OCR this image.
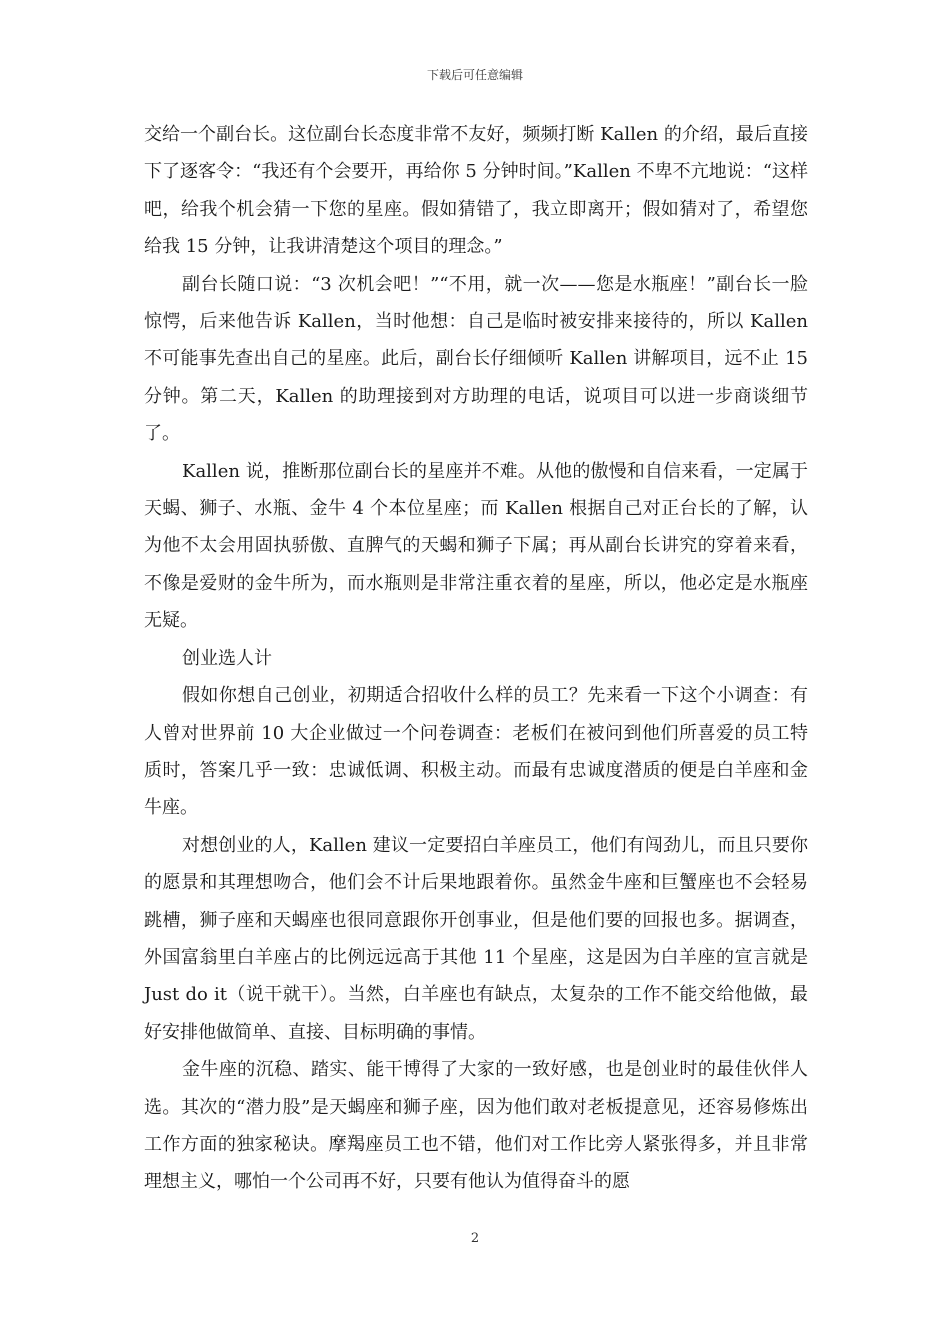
下载后可任意编辑

交给一个副台长。这位副台长态度非常不友好，频频打断 Kallen 的介绍，最后直接下了逐客令：“我还有个会要开，再给你 5 分钟时间。”Kallen 不卑不亢地说：“这样吧，给我个机会猜一下您的星座。假如猜错了，我立即离开；假如猜对了，希望您给我 15 分钟，让我讲清楚这个项目的理念。”

副台长随口说：“3 次机会吧！”“不用，就一次——您是水瓶座！”副台长一脸惊愕，后来他告诉 Kallen，当时他想：自己是临时被安排来接待的，所以 Kallen 不可能事先查出自己的星座。此后，副台长仔细倾听 Kallen 讲解项目，远不止 15 分钟。第二天，Kallen 的助理接到对方助理的电话，说项目可以进一步商谈细节了。

Kallen 说，推断那位副台长的星座并不难。从他的傲慢和自信来看，一定属于天蝎、狮子、水瓶、金牛 4 个本位星座；而 Kallen 根据自己对正台长的了解，认为他不太会用固执骄傲、直脾气的天蝎和狮子下属；再从副台长讲究的穿着来看，不像是爱财的金牛所为，而水瓶则是非常注重衣着的星座，所以，他必定是水瓶座无疑。

创业选人计

假如你想自己创业，初期适合招收什么样的员工？先来看一下这个小调查：有人曾对世界前 10 大企业做过一个问卷调查：老板们在被问到他们所喜爱的员工特质时，答案几乎一致：忠诚低调、积极主动。而最有忠诚度潜质的便是白羊座和金牛座。

对想创业的人，Kallen 建议一定要招白羊座员工，他们有闯劲儿，而且只要你的愿景和其理想吻合，他们会不计后果地跟着你。虽然金牛座和巨蟹座也不会轻易跳槽，狮子座和天蝎座也很同意跟你开创事业，但是他们要的回报也多。据调查，外国富翁里白羊座占的比例远远高于其他 11 个星座，这是因为白羊座的宣言就是 Just do it（说干就干）。当然，白羊座也有缺点，太复杂的工作不能交给他做，最好安排他做简单、直接、目标明确的事情。

金牛座的沉稳、踏实、能干博得了大家的一致好感，也是创业时的最佳伙伴人选。其次的“潜力股”是天蝎座和狮子座，因为他们敢对老板提意见，还容易修炼出工作方面的独家秘诀。摩羯座员工也不错，他们对工作比旁人紧张得多，并且非常理想主义，哪怕一个公司再不好，只要有他认为值得奋斗的愿

2
